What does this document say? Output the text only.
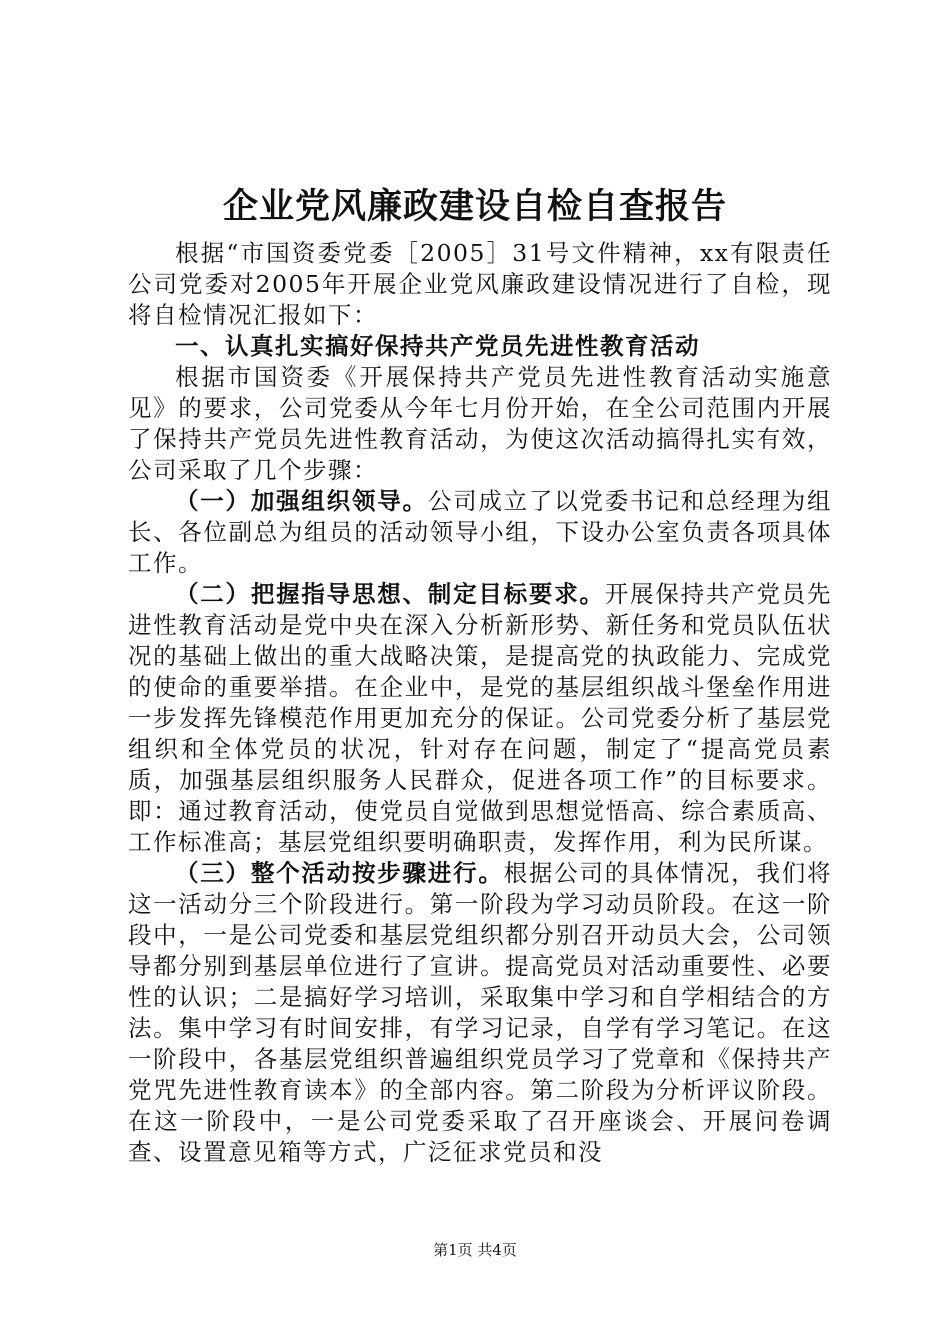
企业党风廉政建设自检自查报告

根据“市国资委党委［2005］31号文件精神，xx有限责任公司党委对2005年开展企业党风廉政建设情况进行了自检，现将自检情况汇报如下：

一、认真扎实搞好保持共产党员先进性教育活动

根据市国资委《开展保持共产党员先进性教育活动实施意见》的要求，公司党委从今年七月份开始，在全公司范围内开展了保持共产党员先进性教育活动，为使这次活动搞得扎实有效，公司采取了几个步骤：

（一）加强组织领导。公司成立了以党委书记和总经理为组长、各位副总为组员的活动领导小组，下设办公室负责各项具体工作。

（二）把握指导思想、制定目标要求。开展保持共产党员先进性教育活动是党中央在深入分析新形势、新任务和党员队伍状况的基础上做出的重大战略决策，是提高党的执政能力、完成党的使命的重要举措。在企业中，是党的基层组织战斗堡垒作用进一步发挥先锋模范作用更加充分的保证。公司党委分析了基层党组织和全体党员的状况，针对存在问题，制定了“提高党员素质，加强基层组织服务人民群众，促进各项工作”的目标要求。即：通过教育活动，使党员自觉做到思想觉悟高、综合素质高、工作标准高；基层党组织要明确职责，发挥作用，利为民所谋。

（三）整个活动按步骤进行。根据公司的具体情况，我们将这一活动分三个阶段进行。第一阶段为学习动员阶段。在这一阶段中，一是公司党委和基层党组织都分别召开动员大会，公司领导都分别到基层单位进行了宣讲。提高党员对活动重要性、必要性的认识；二是搞好学习培训，采取集中学习和自学相结合的方法。集中学习有时间安排，有学习记录，自学有学习笔记。在这一阶段中，各基层党组织普遍组织党员学习了党章和《保持共产党咒先进性教育读本》的全部内容。第二阶段为分析评议阶段。在这一阶段中，一是公司党委采取了召开座谈会、开展问卷调查、设置意见箱等方式，广泛征求党员和没

第1页 共4页
